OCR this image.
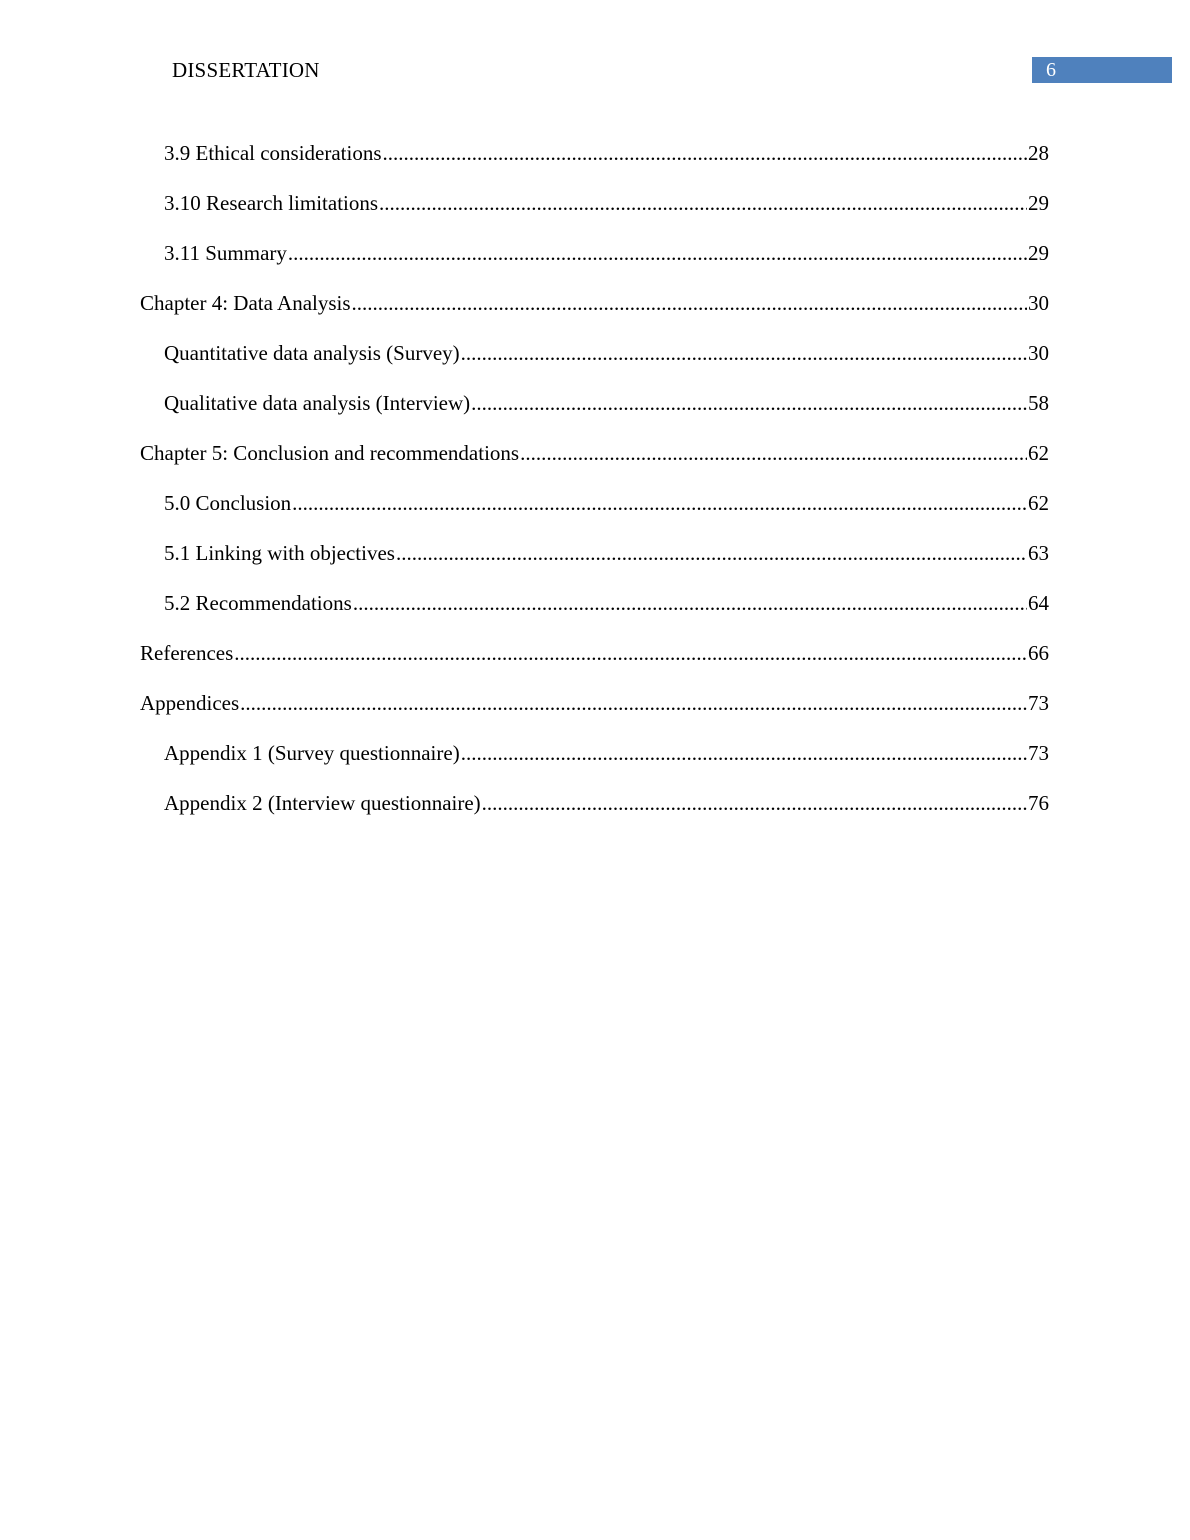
DISSERTATION	6
3.9 Ethical considerations .....	28
3.10 Research limitations .....	29
3.11 Summary .....	29
Chapter 4: Data Analysis .....	30
Quantitative data analysis (Survey) .....	30
Qualitative data analysis (Interview) .....	58
Chapter 5: Conclusion and recommendations .....	62
5.0 Conclusion .....	62
5.1 Linking with objectives .....	63
5.2 Recommendations .....	64
References .....	66
Appendices .....	73
Appendix 1 (Survey questionnaire) .....	73
Appendix 2 (Interview questionnaire) .....	76
